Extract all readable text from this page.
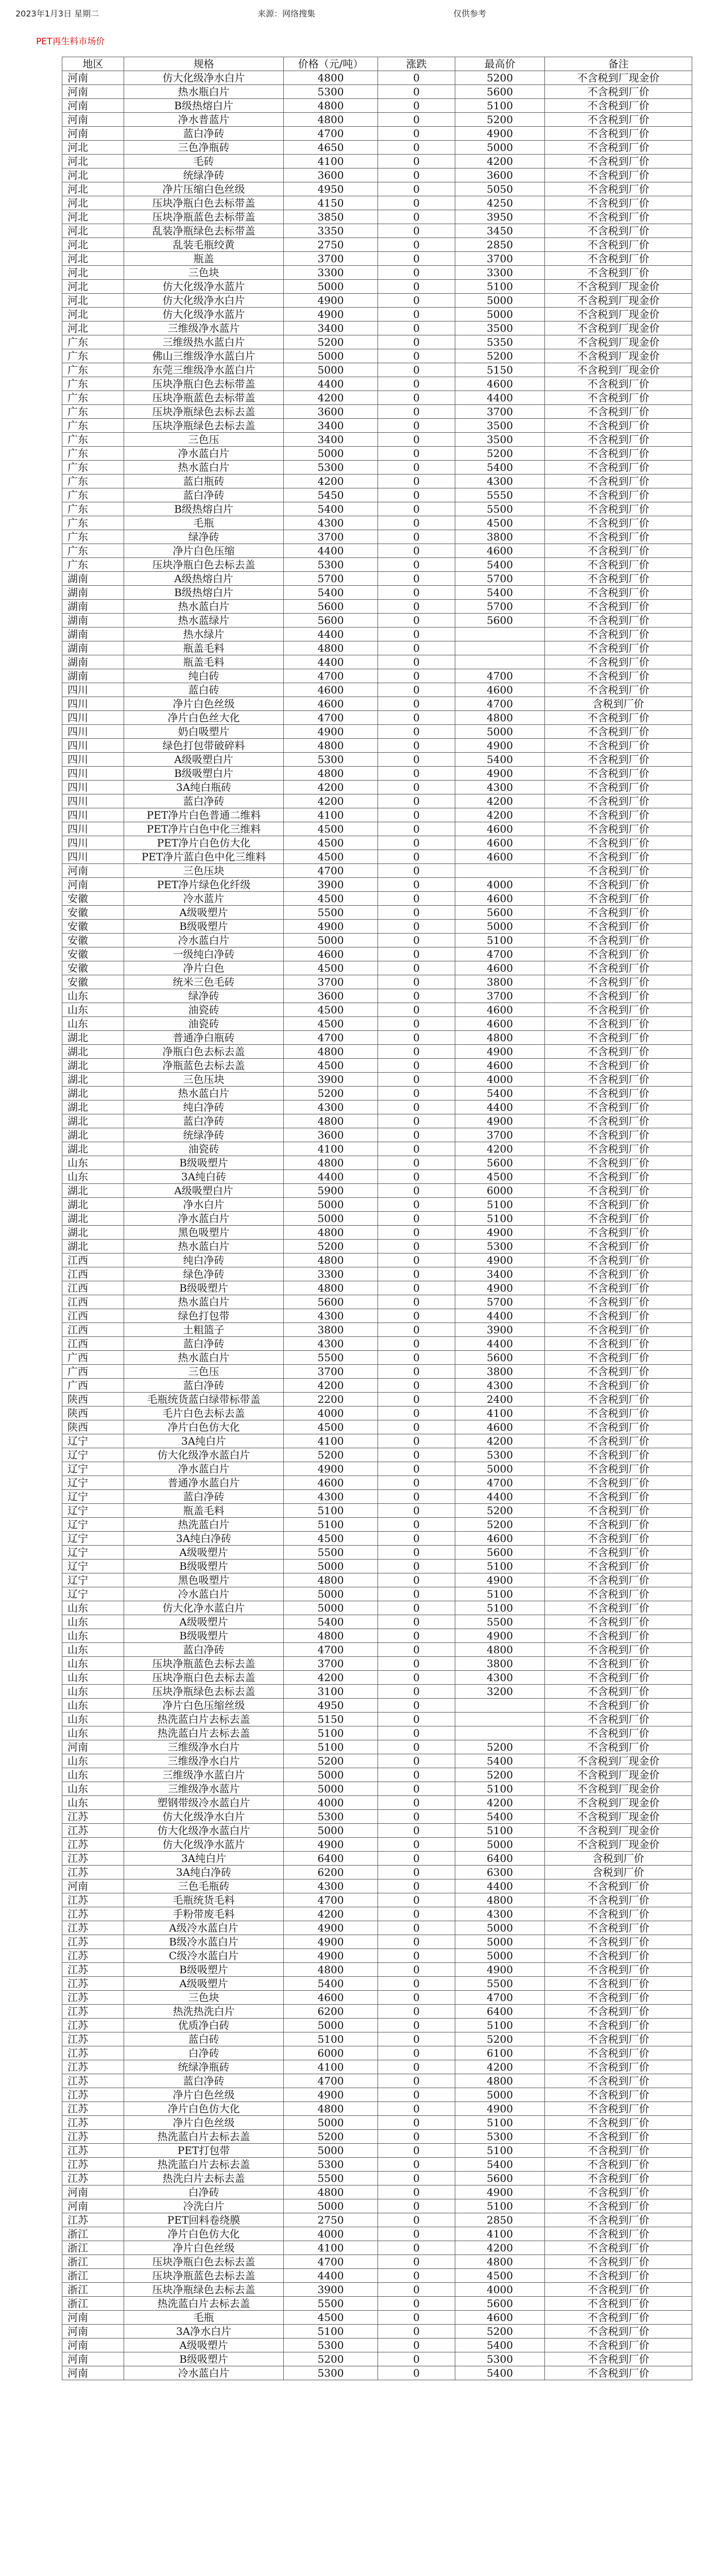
2023年1月3日 星期二	来源：网络搜集	仅供参考
PET再生料市场价
地区	规格	价格（元/吨）	涨跌	最高价	备注
河南	仿大化级净水白片	4800	0	5200	不含税到厂现金价
河南	热水瓶白片	5300	0	5600	不含税到厂价
河南	B级热熔白片	4800	0	5100	不含税到厂价
河南	净水普蓝片	4800	0	5200	不含税到厂价
河南	蓝白净砖	4700	0	4900	不含税到厂价
河北	三色净瓶砖	4650	0	5000	不含税到厂价
河北	毛砖	4100	0	4200	不含税到厂价
河北	统绿净砖	3600	0	3600	不含税到厂价
河北	净片压缩白色丝级	4950	0	5050	不含税到厂价
河北	压块净瓶白色去标带盖	4150	0	4250	不含税到厂价
河北	压块净瓶蓝色去标带盖	3850	0	3950	不含税到厂价
河北	乱装净瓶绿色去标带盖	3350	0	3450	不含税到厂价
河北	乱装毛瓶绞黄	2750	0	2850	不含税到厂价
河北	瓶盖	3700	0	3700	不含税到厂价
河北	三色块	3300	0	3300	不含税到厂价
河北	仿大化级净水蓝片	5000	0	5100	不含税到厂现金价
河北	仿大化级净水白片	4900	0	5000	不含税到厂现金价
河北	仿大化级净水蓝片	4900	0	5000	不含税到厂现金价
河北	三维级净水蓝片	3400	0	3500	不含税到厂现金价
广东	三维级热水蓝白片	5200	0	5350	不含税到厂现金价
广东	佛山三维级净水蓝白片	5000	0	5200	不含税到厂现金价
广东	东莞三维级净水蓝白片	5000	0	5150	不含税到厂现金价
广东	压块净瓶白色去标带盖	4400	0	4600	不含税到厂价
广东	压块净瓶蓝色去标带盖	4200	0	4400	不含税到厂价
广东	压块净瓶绿色去标去盖	3600	0	3700	不含税到厂价
广东	压块净瓶绿色去标去盖	3400	0	3500	不含税到厂价
广东	三色压	3400	0	3500	不含税到厂价
广东	净水蓝白片	5000	0	5200	不含税到厂价
广东	热水蓝白片	5300	0	5400	不含税到厂价
广东	蓝白瓶砖	4200	0	4300	不含税到厂价
广东	蓝白净砖	5450	0	5550	不含税到厂价
广东	B级热熔白片	5400	0	5500	不含税到厂价
广东	毛瓶	4300	0	4500	不含税到厂价
广东	绿净砖	3700	0	3800	不含税到厂价
广东	净片白色压缩	4400	0	4600	不含税到厂价
广东	压块净瓶白色去标去盖	5300	0	5400	不含税到厂价
湖南	A级热熔白片	5700	0	5700	不含税到厂价
湖南	B级热熔白片	5400	0	5400	不含税到厂价
湖南	热水蓝白片	5600	0	5700	不含税到厂价
湖南	热水蓝绿片	5600	0	5600	不含税到厂价
湖南	热水绿片	4400	0		不含税到厂价
湖南	瓶盖毛料	4800	0		不含税到厂价
湖南	瓶盖毛料	4400	0		不含税到厂价
湖南	纯白砖	4700	0	4700	不含税到厂价
四川	蓝白砖	4600	0	4600	不含税到厂价
四川	净片白色丝级	4600	0	4700	含税到厂价
四川	净片白色丝大化	4700	0	4800	不含税到厂价
四川	奶白吸塑片	4900	0	5000	不含税到厂价
四川	绿色打包带破碎料	4800	0	4900	不含税到厂价
四川	A级吸塑白片	5300	0	5400	不含税到厂价
四川	B级吸塑白片	4800	0	4900	不含税到厂价
四川	3A纯白瓶砖	4200	0	4300	不含税到厂价
四川	蓝白净砖	4200	0	4200	不含税到厂价
四川	PET净片白色普通二维料	4100	0	4200	不含税到厂价
四川	PET净片白色中化三维料	4500	0	4600	不含税到厂价
四川	PET净片白色仿大化	4500	0	4600	不含税到厂价
四川	PET净片蓝白色中化三维料	4500	0	4600	不含税到厂价
河南	三色压块	4700	0		不含税到厂价
河南	PET净片绿色化纤级	3900	0	4000	不含税到厂价
安徽	冷水蓝片	4500	0	4600	不含税到厂价
安徽	A级吸塑片	5500	0	5600	不含税到厂价
安徽	B级吸塑片	4900	0	5000	不含税到厂价
安徽	冷水蓝白片	5000	0	5100	不含税到厂价
安徽	一级纯白净砖	4600	0	4700	不含税到厂价
安徽	净片白色	4500	0	4600	不含税到厂价
安徽	统米三色毛砖	3700	0	3800	不含税到厂价
山东	绿净砖	3600	0	3700	不含税到厂价
山东	油瓷砖	4500	0	4600	不含税到厂价
山东	油瓷砖	4500	0	4600	不含税到厂价
湖北	普通净白瓶砖	4700	0	4800	不含税到厂价
湖北	净瓶白色去标去盖	4800	0	4900	不含税到厂价
湖北	净瓶蓝色去标去盖	4500	0	4600	不含税到厂价
湖北	三色压块	3900	0	4000	不含税到厂价
湖北	热水蓝白片	5200	0	5400	不含税到厂价
湖北	纯白净砖	4300	0	4400	不含税到厂价
湖北	蓝白净砖	4800	0	4900	不含税到厂价
湖北	统绿净砖	3600	0	3700	不含税到厂价
湖北	油瓷砖	4100	0	4200	不含税到厂价
山东	B级吸塑片	4800	0	5600	不含税到厂价
山东	3A纯白砖	4400	0	4500	不含税到厂价
湖北	A级吸塑白片	5900	0	6000	不含税到厂价
湖北	净水白片	5000	0	5100	不含税到厂价
湖北	净水蓝白片	5000	0	5100	不含税到厂价
湖北	黑色吸塑片	4800	0	4900	不含税到厂价
湖北	热水蓝白片	5200	0	5300	不含税到厂价
江西	纯白净砖	4800	0	4900	不含税到厂价
江西	绿色净砖	3300	0	3400	不含税到厂价
江西	B级吸塑片	4800	0	4900	不含税到厂价
江西	热水蓝白片	5600	0	5700	不含税到厂价
江西	绿色打包带	4300	0	4400	不含税到厂价
江西	土粗篮子	3800	0	3900	不含税到厂价
江西	蓝白净砖	4300	0	4400	不含税到厂价
广西	热水蓝白片	5500	0	5600	不含税到厂价
广西	三色压	3700	0	3800	不含税到厂价
广西	蓝白净砖	4200	0	4300	不含税到厂价
陕西	毛瓶统货蓝白绿带标带盖	2200	0	2400	不含税到厂价
陕西	毛片白色去标去盖	4000	0	4100	不含税到厂价
陕西	净片白色仿大化	4500	0	4600	不含税到厂价
辽宁	3A纯白片	4100	0	4200	不含税到厂价
辽宁	仿大化级净水蓝白片	5200	0	5300	不含税到厂价
辽宁	净水蓝白片	4900	0	5000	不含税到厂价
辽宁	普通净水蓝白片	4600	0	4700	不含税到厂价
辽宁	蓝白净砖	4300	0	4400	不含税到厂价
辽宁	瓶盖毛料	5100	0	5200	不含税到厂价
辽宁	热洗蓝白片	5100	0	5200	不含税到厂价
辽宁	3A纯白净砖	4500	0	4600	不含税到厂价
辽宁	A级吸塑片	5500	0	5600	不含税到厂价
辽宁	B级吸塑片	5000	0	5100	不含税到厂价
辽宁	黑色吸塑片	4800	0	4900	不含税到厂价
辽宁	冷水蓝白片	5000	0	5100	不含税到厂价
山东	仿大化净水蓝白片	5000	0	5100	不含税到厂价
山东	A级吸塑片	5400	0	5500	不含税到厂价
山东	B级吸塑片	4800	0	4900	不含税到厂价
山东	蓝白净砖	4700	0	4800	不含税到厂价
山东	压块净瓶蓝色去标去盖	3700	0	3800	不含税到厂价
山东	压块净瓶白色去标去盖	4200	0	4300	不含税到厂价
山东	压块净瓶绿色去标去盖	3100	0	3200	不含税到厂价
山东	净片白色压缩丝级	4950	0		不含税到厂价
山东	热洗蓝白片去标去盖	5150	0		不含税到厂价
山东	热洗蓝白片去标去盖	5100	0		不含税到厂价
河南	三维级净水白片	5100	0	5200	不含税到厂价
山东	三维级净水白片	5200	0	5400	不含税到厂现金价
山东	三维级净水蓝白片	5000	0	5200	不含税到厂现金价
山东	三维级净水蓝片	5000	0	5100	不含税到厂现金价
山东	塑钢带级冷水蓝白片	4000	0	4200	不含税到厂现金价
江苏	仿大化级净水白片	5300	0	5400	不含税到厂现金价
江苏	仿大化级净水蓝白片	5000	0	5100	不含税到厂现金价
江苏	仿大化级净水蓝片	4900	0	5000	不含税到厂现金价
江苏	3A纯白片	6400	0	6400	含税到厂价
江苏	3A纯白净砖	6200	0	6300	含税到厂价
河南	三色毛瓶砖	4300	0	4400	不含税到厂价
江苏	毛瓶统货毛料	4700	0	4800	不含税到厂价
江苏	手粉带废毛料	4200	0	4300	不含税到厂价
江苏	A级冷水蓝白片	4900	0	5000	不含税到厂价
江苏	B级冷水蓝白片	4900	0	5000	不含税到厂价
江苏	C级冷水蓝白片	4900	0	5000	不含税到厂价
江苏	B级吸塑片	4800	0	4900	不含税到厂价
江苏	A级吸塑片	5400	0	5500	不含税到厂价
江苏	三色块	4600	0	4700	不含税到厂价
江苏	热洗热洗白片	6200	0	6400	不含税到厂价
江苏	优质净白砖	5000	0	5100	不含税到厂价
江苏	蓝白砖	5100	0	5200	不含税到厂价
江苏	白净砖	6000	0	6100	不含税到厂价
江苏	统绿净瓶砖	4100	0	4200	不含税到厂价
江苏	蓝白净砖	4700	0	4800	不含税到厂价
江苏	净片白色丝级	4900	0	5000	不含税到厂价
江苏	净片白色仿大化	4800	0	4900	不含税到厂价
江苏	净片白色丝级	5000	0	5100	不含税到厂价
江苏	热洗蓝白片去标去盖	5200	0	5300	不含税到厂价
江苏	PET打包带	5000	0	5100	不含税到厂价
江苏	热洗蓝白片去标去盖	5300	0	5400	不含税到厂价
江苏	热洗白片去标去盖	5500	0	5600	不含税到厂价
河南	白净砖	4800	0	4900	不含税到厂价
河南	冷洗白片	5000	0	5100	不含税到厂价
江苏	PET回料卷绕膜	2750	0	2850	不含税到厂价
浙江	净片白色仿大化	4000	0	4100	不含税到厂价
浙江	净片白色丝级	4100	0	4200	不含税到厂价
浙江	压块净瓶白色去标去盖	4700	0	4800	不含税到厂价
浙江	压块净瓶蓝色去标去盖	4400	0	4500	不含税到厂价
浙江	压块净瓶绿色去标去盖	3900	0	4000	不含税到厂价
浙江	热洗蓝白片去标去盖	5500	0	5600	不含税到厂价
河南	毛瓶	4500	0	4600	不含税到厂价
河南	3A净水白片	5100	0	5200	不含税到厂价
河南	A级吸塑片	5300	0	5400	不含税到厂价
河南	B级吸塑片	5200	0	5300	不含税到厂价
河南	冷水蓝白片	5300	0	5400	不含税到厂价
